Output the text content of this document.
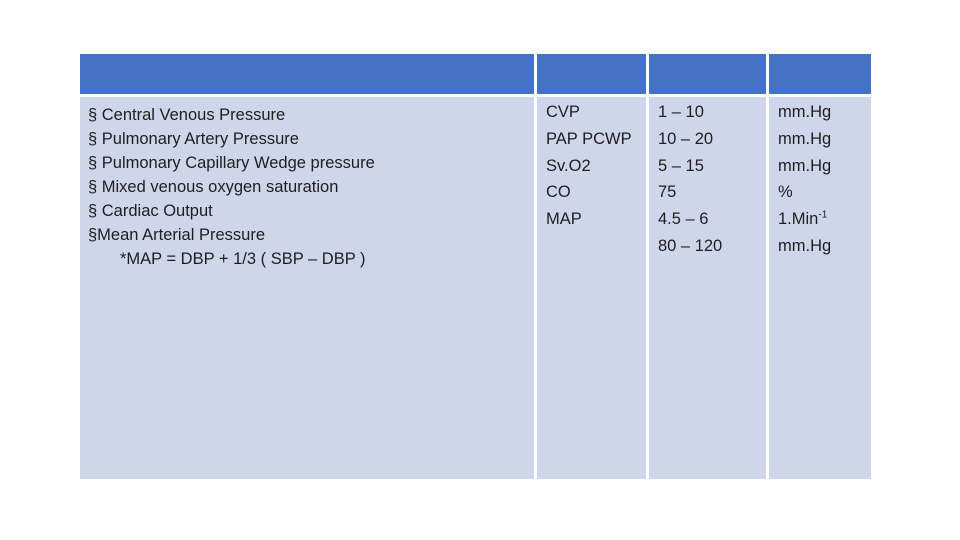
§ Central Venous Pressure
§ Pulmonary Artery Pressure
§ Pulmonary Capillary Wedge pressure
§ Mixed venous oxygen saturation
§ Cardiac Output
§Mean Arterial Pressure
*MAP = DBP + 1/3 ( SBP – DBP )
CVP
PAP PCWP
Sv.O2
CO
MAP
1 – 10
10 – 20
5 – 15
75
4.5 – 6
80 – 120
mm.Hg
mm.Hg
mm.Hg
%
1.Min$^{-1}$
mm.Hg
